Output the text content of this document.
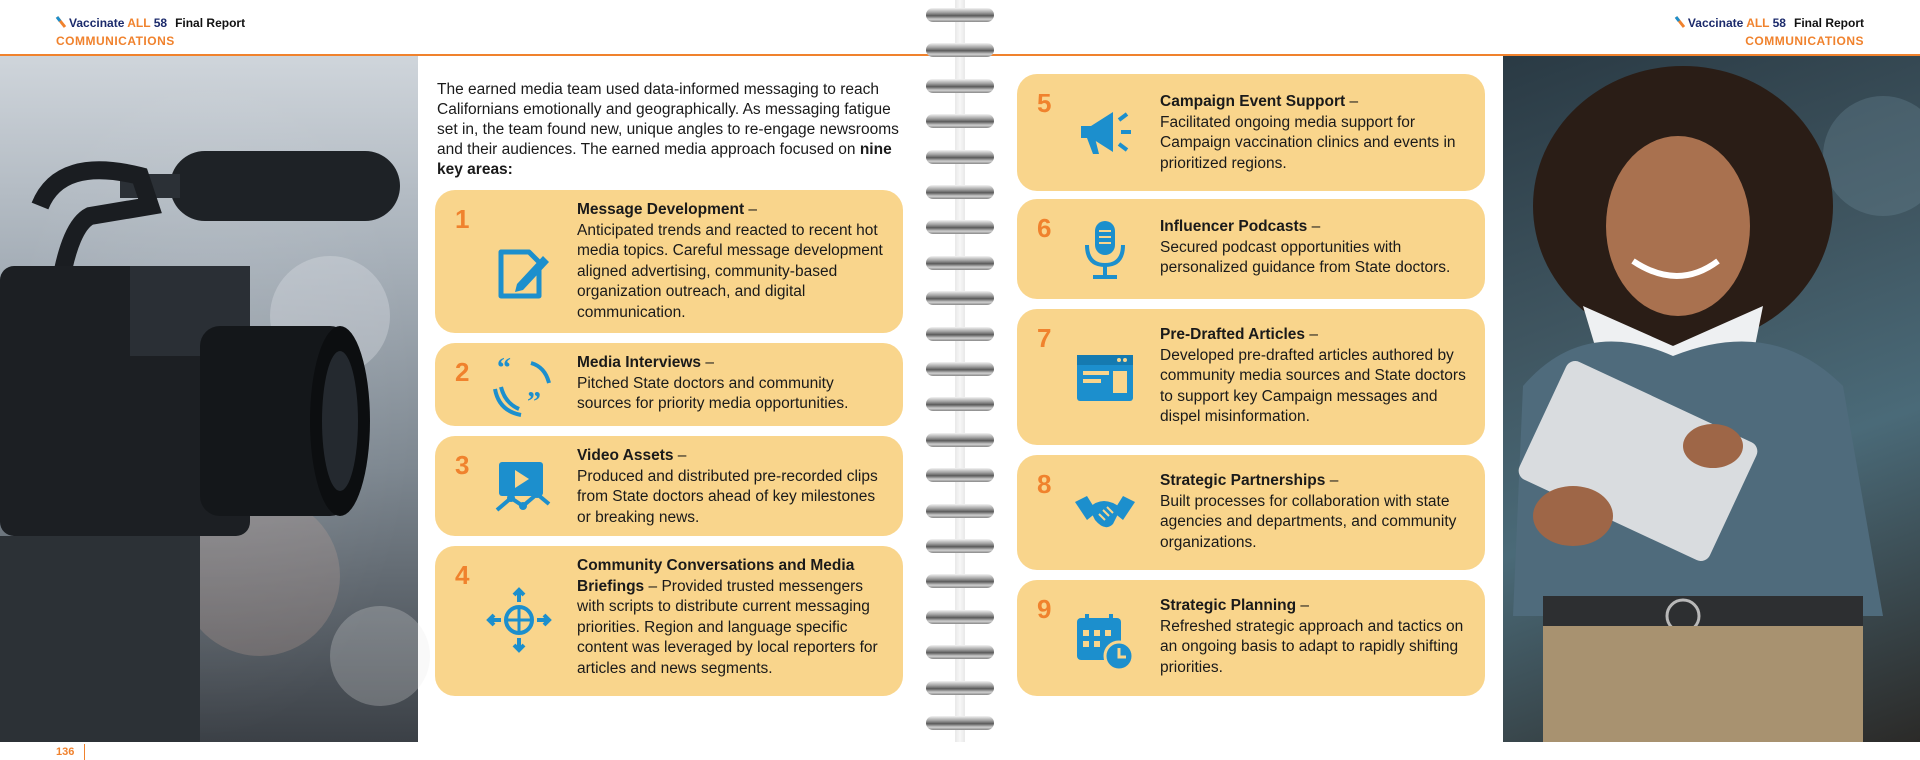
Vaccinate ALL 58 Final Report
COMMUNICATIONS
Vaccinate ALL 58 Final Report
COMMUNICATIONS
136
The earned media team used data-informed messaging to reach Californians emotionally and geographically. As messaging fatigue set in, the team found new, unique angles to re-engage newsrooms and their audiences. The earned media approach focused on nine key areas:
1	Message Development –
Anticipated trends and reacted to recent hot media topics. Careful message development aligned advertising, community-based organization outreach, and digital communication.
2 “
”
Media Interviews –
Pitched State doctors and community sources for priority media opportunities.
3	Video Assets –
Produced and distributed pre-recorded clips from State doctors ahead of key milestones or breaking news.
4	Community Conversations and Media Briefings – Provided trusted messengers with scripts to distribute current messaging priorities. Region and language specific content was leveraged by local reporters for articles and news segments.
5	Campaign Event Support –
Facilitated ongoing media support for Campaign vaccination clinics and events in prioritized regions.
6	Influencer Podcasts –
Secured podcast opportunities with personalized guidance from State doctors.
7	Pre-Drafted Articles –
Developed pre-drafted articles authored by community media sources and State doctors to support key Campaign messages and dispel misinformation.
8	Strategic Partnerships –
Built processes for collaboration with state agencies and departments, and community organizations.
9	Strategic Planning –
Refreshed strategic approach and tactics on an ongoing basis to adapt to rapidly shifting priorities.
